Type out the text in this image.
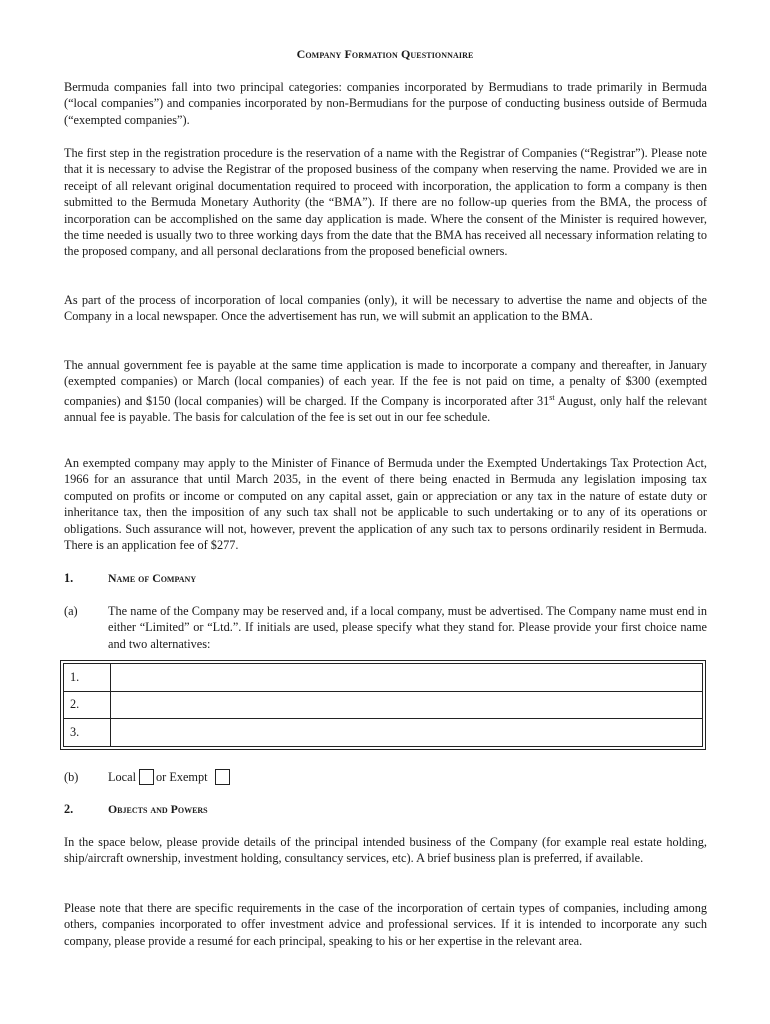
Company Formation Questionnaire

Bermuda companies fall into two principal categories: companies incorporated by Bermudians to trade primarily in Bermuda (“local companies”) and companies incorporated by non-Bermudians for the purpose of conducting business outside of Bermuda (“exempted companies”).

The first step in the registration procedure is the reservation of a name with the Registrar of Companies (“Registrar”). Please note that it is necessary to advise the Registrar of the proposed business of the company when reserving the name. Provided we are in receipt of all relevant original documentation required to proceed with incorporation, the application to form a company is then submitted to the Bermuda Monetary Authority (the “BMA”). If there are no follow-up queries from the BMA, the process of incorporation can be accomplished on the same day application is made. Where the consent of the Minister is required however, the time needed is usually two to three working days from the date that the BMA has received all necessary information relating to the proposed company, and all personal declarations from the proposed beneficial owners.

As part of the process of incorporation of local companies (only), it will be necessary to advertise the name and objects of the Company in a local newspaper. Once the advertisement has run, we will submit an application to the BMA.

The annual government fee is payable at the same time application is made to incorporate a company and thereafter, in January (exempted companies) or March (local companies) of each year. If the fee is not paid on time, a penalty of $300 (exempted companies) and $150 (local companies) will be charged. If the Company is incorporated after 31st August, only half the relevant annual fee is payable. The basis for calculation of the fee is set out in our fee schedule.

An exempted company may apply to the Minister of Finance of Bermuda under the Exempted Undertakings Tax Protection Act, 1966 for an assurance that until March 2035, in the event of there being enacted in Bermuda any legislation imposing tax computed on profits or income or computed on any capital asset, gain or appreciation or any tax in the nature of estate duty or inheritance tax, then the imposition of any such tax shall not be applicable to such undertaking or to any of its operations or obligations. Such assurance will not, however, prevent the application of any such tax to persons ordinarily resident in Bermuda. There is an application fee of $277.

1.	Name of Company
(a) The name of the Company may be reserved and, if a local company, must be advertised. The Company name must end in either “Limited” or “Ltd.”. If initials are used, please specify what they stand for. Please provide your first choice name and two alternatives:

1.	
2.	
3.	
(b) Local or Exempt
2.	Objects and Powers

In the space below, please provide details of the principal intended business of the Company (for example real estate holding, ship/aircraft ownership, investment holding, consultancy services, etc). A brief business plan is preferred, if available.

Please note that there are specific requirements in the case of the incorporation of certain types of companies, including among others, companies incorporated to offer investment advice and professional services. If it is intended to incorporate any such company, please provide a resumé for each principal, speaking to his or her expertise in the relevant area.
